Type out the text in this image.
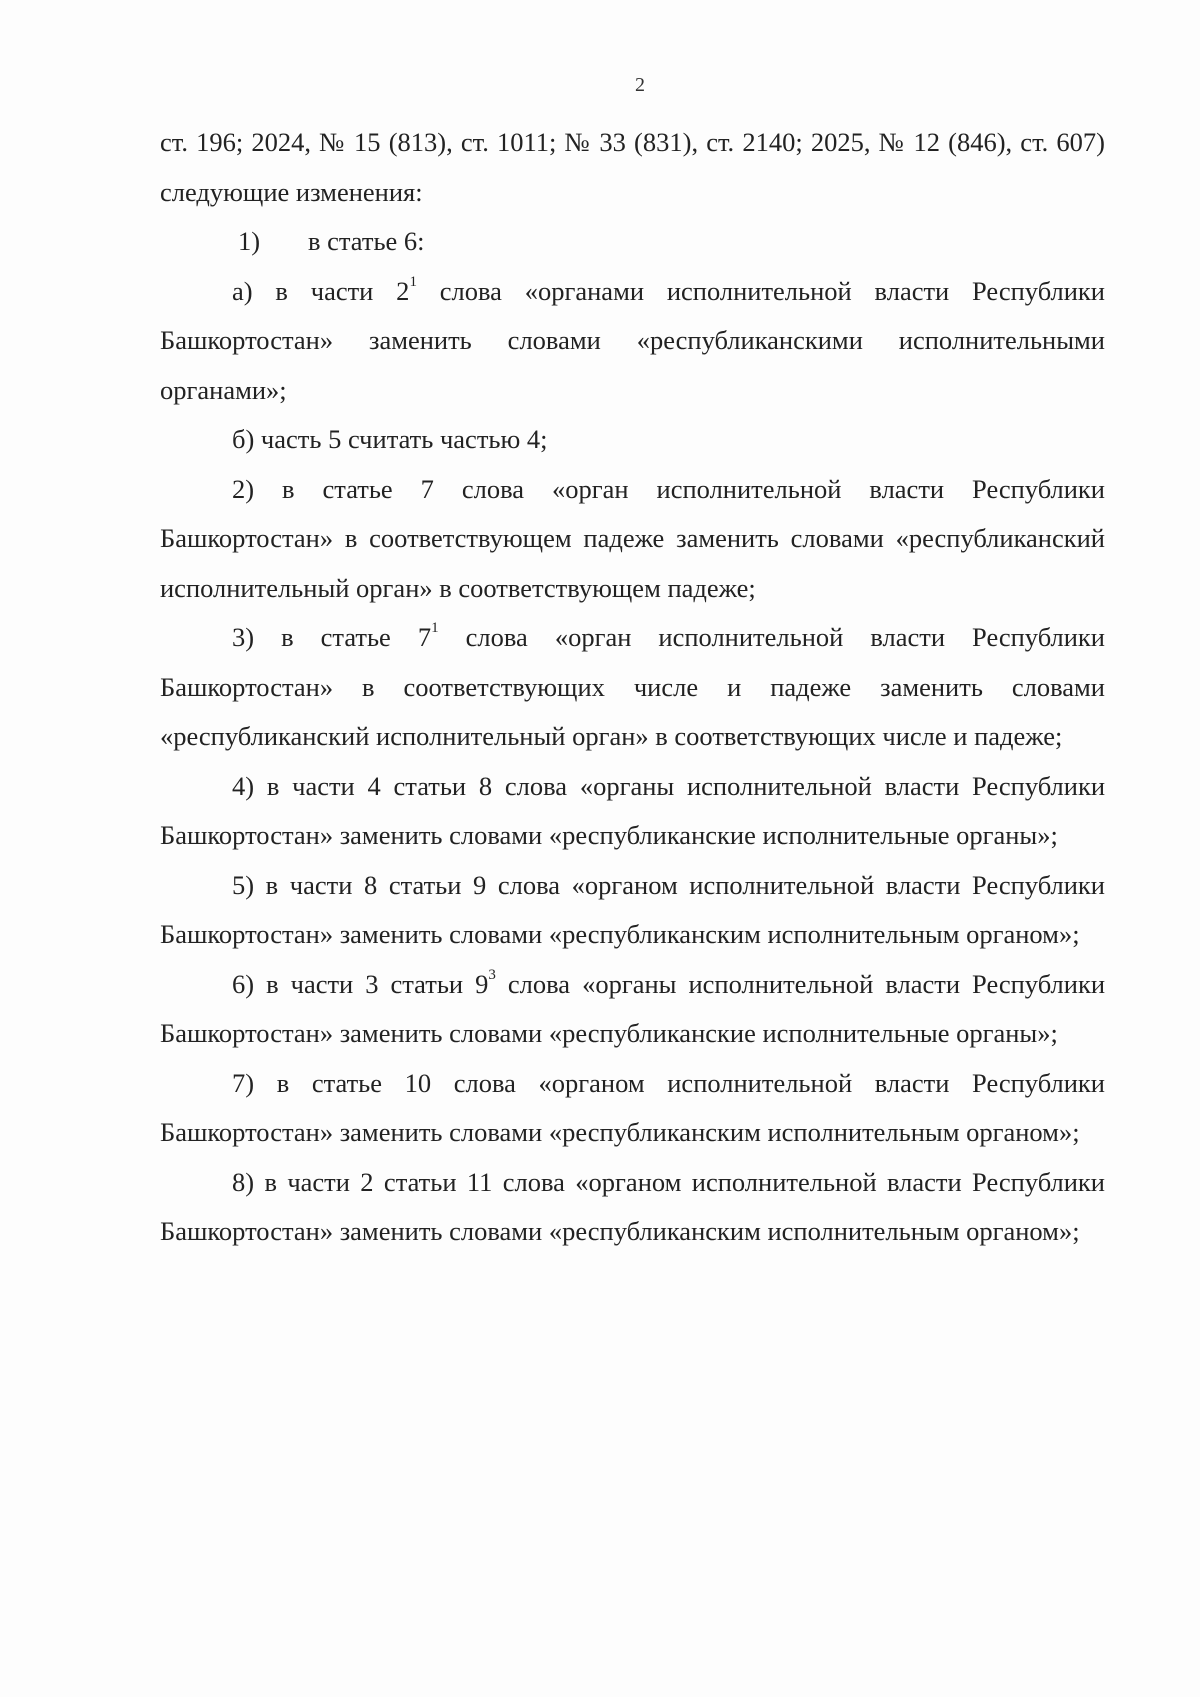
2

ст. 196; 2024, № 15 (813), ст. 1011; № 33 (831), ст. 2140; 2025, № 12 (846), ст. 607) следующие изменения:

1) в статье 6:

а) в части $2^1$ слова «органами исполнительной власти Республики Башкортостан» заменить словами «республиканскими исполнительными органами»;

б) часть 5 считать частью 4;

2) в статье 7 слова «орган исполнительной власти Республики Башкортостан» в соответствующем падеже заменить словами «республиканский исполнительный орган» в соответствующем падеже;

3) в статье $7^1$ слова «орган исполнительной власти Республики Башкортостан» в соответствующих числе и падеже заменить словами «республиканский исполнительный орган» в соответствующих числе и падеже;

4) в части 4 статьи 8 слова «органы исполнительной власти Республики Башкортостан» заменить словами «республиканские исполнительные органы»;

5) в части 8 статьи 9 слова «органом исполнительной власти Республики Башкортостан» заменить словами «республиканским исполнительным органом»;

6) в части 3 статьи $9^3$ слова «органы исполнительной власти Республики Башкортостан» заменить словами «республиканские исполнительные органы»;

7) в статье 10 слова «органом исполнительной власти Республики Башкортостан» заменить словами «республиканским исполнительным органом»;

8) в части 2 статьи 11 слова «органом исполнительной власти Республики Башкортостан» заменить словами «республиканским исполнительным органом»;
